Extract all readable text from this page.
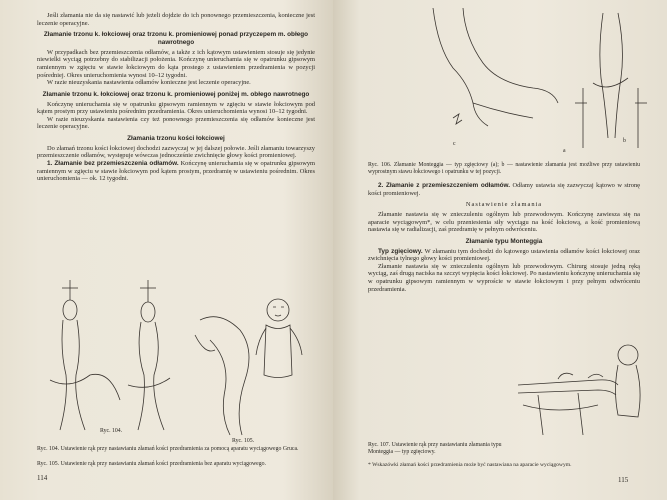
Jeśli złamania nie da się nastawić lub jeżeli dojdzie do ich ponownego przemieszczenia, konieczne jest leczenie operacyjne.

Złamanie trzonu k. łokciowej oraz trzonu k. promieniowej ponad przyczepem m. obłego nawrotnego

W przypadkach bez przemieszczenia odłamów, a także z ich kątowym ustawieniem stosuje się jedynie niewielki wyciąg potrzebny do stabilizacji położenia. Kończynę unieruchamia się w opatrunku gipsowym ramiennym w zgięciu w stawie łokciowym do kąta prostego z ustawieniem przedramienia w pozycji pośredniej. Okres unieruchomienia wynosi 10–12 tygodni.

W razie nieuzyskania nastawienia odłamów konieczne jest leczenie operacyjne.

Złamanie trzonu k. łokciowej oraz trzonu k. promieniowej poniżej m. obłego nawrotnego

Kończynę unieruchamia się w opatrunku gipsowym ramiennym w zgięciu w stawie łokciowym pod kątem prostym przy ustawieniu pośrednim przedramienia. Okres unieruchomienia wynosi 10–12 tygodni.

W razie nieuzyskania nastawienia czy też ponownego przemieszczenia się odłamów konieczne jest leczenie operacyjne.

Złamania trzonu kości łokciowej

Do złamań trzonu kości łokciowej dochodzi zazwyczaj w jej dalszej połowie. Jeśli złamaniu towarzyszy przemieszczenie odłamów, występuje wówczas jednocześnie zwichnięcie głowy kości promieniowej.

1. Złamanie bez przemieszczenia odłamów. Kończynę unieruchamia się w opatrunku gipsowym ramiennym w zgięciu w stawie łokciowym pod kątem prostym, przedramię w ustawieniu pośrednim. Okres unieruchomienia — ok. 12 tygodni.

Ryc. 104.
Ryc. 105.
Ryc. 104. Ustawienie rąk przy nastawianiu złamań kości przedramienia za pomocą aparatu wyciągowego Gruca.
Ryc. 105. Ustawienie rąk przy nastawianiu złamań kości przedramienia bez aparatu wyciągowego.
114
c
a
b
Ryc. 106. Złamanie Monteggia — typ zgięciowy (a); b — nastawienie złamania jest możliwe przy ustawieniu wyprostnym stawu łokciowego i opatrunku w tej pozycji.

2. Złamanie z przemieszczeniem odłamów. Odłamy ustawia się zazwyczaj kątowo w stronę kości promieniowej.

Nastawienie złamania

Złamanie nastawia się w znieczuleniu ogólnym lub przewodowym. Kończynę zawiesza się na aparacie wyciągowym*, w celu przeniesienia siły wyciągu na kość łokciową, a kość promieniową nastawia się w radializacji, zaś przedramię w pełnym odwróceniu.

Złamanie typu Monteggia

Typ zgięciowy. W złamaniu tym dochodzi do kątowego ustawienia odłamów kości łokciowej oraz zwichnięcia tylnego głowy kości promieniowej.

Złamanie nastawia się w znieczuleniu ogólnym lub przewodowym. Chirurg stosuje jedną ręką wyciąg, zaś drugą naciska na szczyt wypięcia kości łokciowej. Po nastawieniu kończynę unieruchamia się w opatrunku gipsowym ramiennym w wyproście w stawie łokciowym i przy pełnym odwróceniu przedramienia.

Ryc. 107. Ustawienie rąk przy nastawianiu złamania typu Monteggia — typ zgięciowy.
* Wskazówki złamań kości przedramienia może być nastawiana na aparacie wyciągowym.
115
